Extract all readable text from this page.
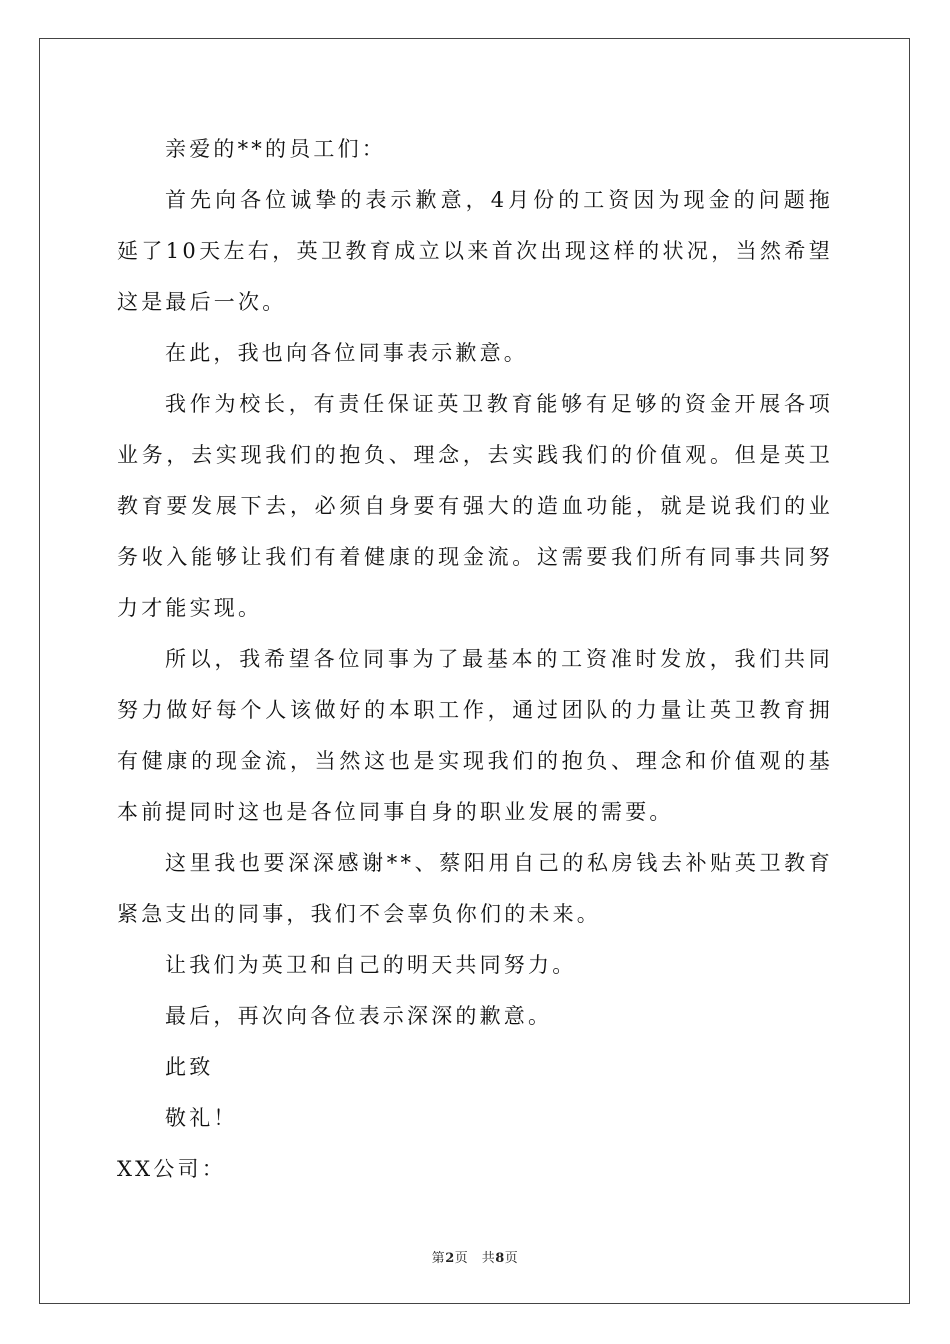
亲爱的**的员工们：

首先向各位诚挚的表示歉意，4月份的工资因为现金的问题拖延了10天左右，英卫教育成立以来首次出现这样的状况，当然希望这是最后一次。

在此，我也向各位同事表示歉意。

我作为校长，有责任保证英卫教育能够有足够的资金开展各项业务，去实现我们的抱负、理念，去实践我们的价值观。但是英卫教育要发展下去，必须自身要有强大的造血功能，就是说我们的业务收入能够让我们有着健康的现金流。这需要我们所有同事共同努力才能实现。

所以，我希望各位同事为了最基本的工资准时发放，我们共同努力做好每个人该做好的本职工作，通过团队的力量让英卫教育拥有健康的现金流，当然这也是实现我们的抱负、理念和价值观的基本前提同时这也是各位同事自身的职业发展的需要。

这里我也要深深感谢**、蔡阳用自己的私房钱去补贴英卫教育紧急支出的同事，我们不会辜负你们的未来。

让我们为英卫和自己的明天共同努力。

最后，再次向各位表示深深的歉意。

此致

敬礼！

XX公司：

第2页　共8页
